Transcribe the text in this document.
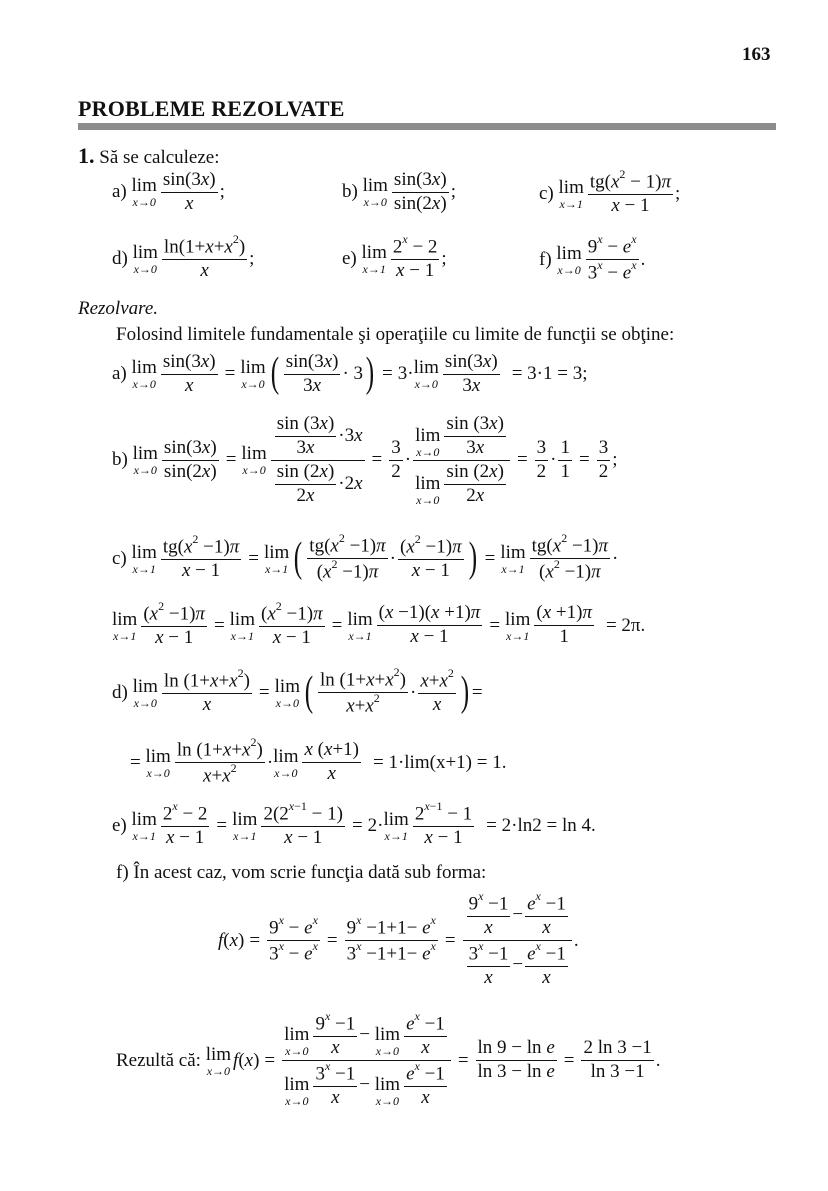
163
PROBLEME REZOLVATE
1. Să se calculeze:
a)
lim
$x\to 0 \frac{\sin(3x)}{x}$ ;	b)
lim
$x\to 0 \frac{\sin(3x)}{\sin(2x)}$ ;	c)
lim
$x\to 1 \frac{tg(x^2 - 1)\pi}{x - 1}$ ;
d)
lim
$x\to 0 \frac{\ln(1+x+x^2)}{x}$ ;	e)
lim
$x\to 1 \frac{2^x - 2}{x - 1}$ ;	f)
lim
$x\to 0 \frac{9^x - e^x}{3^x - e^x}$ .
Rezolvare.
Folosind limitele fundamentale şi operaţiile cu limite de funcţii se obţine:
a) lim
$x\to 0 \frac{\sin(3x)}{x} = \lim$
x→0 ( $\frac{\sin(3x)}{3x} \cdot 3$ ) = 3· lim
$x\to 0 \frac{\sin(3x)}{3x} = 3\cdot 1 = 3$;
b) lim
$x\to 0 \frac{\sin(3x)}{\sin(2x)} = \lim$
$x\to 0 \frac{\frac{\sin (3x)}{3x} \cdot 3x}{\frac{\sin (2x)}{2x} \cdot 2x} = \frac{3}{2} \cdot \lim$
$x\to 0 \frac{\sin (3x)}{3x}$
lim
$x\to 0 \frac{\sin (2x)}{2x} = \frac{3}{2} \cdot \frac{1}{1} = \frac{3}{2}$ ;
c) lim
$x\to 1 \frac{tg(x^2 -1)\pi}{x - 1} = \lim$
x→1 ( $\frac{tg(x^2 -1)\pi}{(x^2 -1)\pi} \cdot \frac{(x^2 -1)\pi}{x - 1}$ ) = lim
$x\to 1 \frac{tg(x^2 -1)\pi}{(x^2 -1)\pi}$ ·
lim
$x\to 1 \frac{(x^2 -1)\pi}{x - 1} = \lim$
$x\to 1 \frac{(x^2 -1)\pi}{x - 1} = \lim$
$x\to 1 \frac{(x -1)(x +1)\pi}{x - 1} = \lim$
$x\to 1 \frac{(x +1)\pi}{1} = 2\pi$.
d) lim
$x\to 0 \frac{\ln (1+x+x^2)}{x} = \lim$
x→0 ( $\frac{\ln (1+x+x^2)}{x+x^2} \cdot \frac{x+x^2}{x}$ ) =
= lim
$x\to 0 \frac{\ln (1+x+x^2)}{x+x^2} \cdot \lim$
$x\to 0 \frac{x (x+1)}{x} = 1\cdot\lim(x+1) = 1$.
e) lim
$x\to 1 \frac{2^x - 2}{x - 1} = \lim$
$x\to 1 \frac{2(2^{x-1} - 1)}{x - 1} = 2\cdot \lim$
$x\to 1 \frac{2^{x-1} - 1}{x - 1} = 2\cdot\ln 2 = \ln 4$.
f) În acest caz, vom scrie funcţia dată sub forma:
f ( x ) = $\frac{9^x - e^x}{3^x - e^x} = \frac{9^x -1+1- e^x}{3^x -1+1- e^x} = \frac{\frac{9^x -1}{x} - \frac{e^x -1}{x}}{\frac{3^x -1}{x} - \frac{e^x -1}{x}}$ .
Rezultă că:
lim
x→0 f ( x ) = lim
$x\to 0 \frac{9^x -1}{x} - \lim$
$x\to 0 \frac{e^x -1}{x}$
lim
$x\to 0 \frac{3^x -1}{x} - \lim$
$x\to 0 \frac{e^x -1}{x} = \frac{\text{ln 9 − ln e}}{\text{ln 3 − ln e}} = \frac{2 \ln 3 -1}{\ln 3 -1}$ .
